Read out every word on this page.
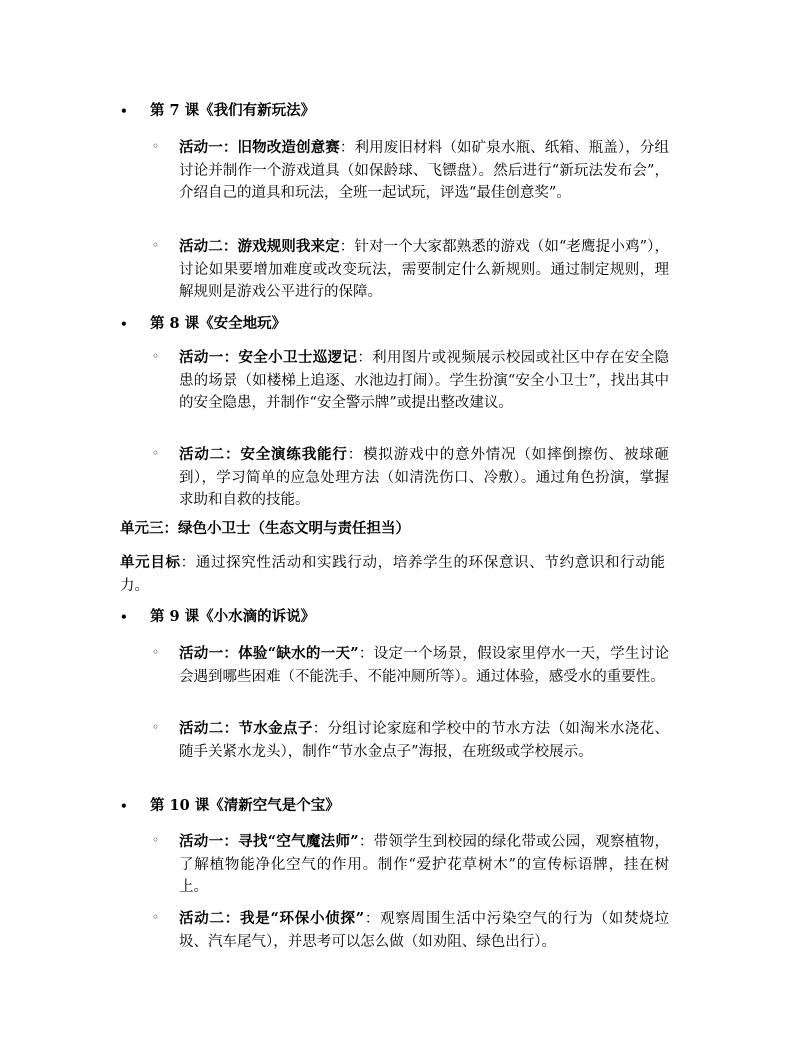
• 第 7 课《我们有新玩法》
◦ 活动一：旧物改造创意赛：利用废旧材料（如矿泉水瓶、纸箱、瓶盖），分组讨论并制作一个游戏道具（如保龄球、飞镖盘）。然后进行“新玩法发布会”，介绍自己的道具和玩法，全班一起试玩，评选“最佳创意奖”。
◦ 活动二：游戏规则我来定：针对一个大家都熟悉的游戏（如“老鹰捉小鸡”），讨论如果要增加难度或改变玩法，需要制定什么新规则。通过制定规则，理解规则是游戏公平进行的保障。
• 第 8 课《安全地玩》
◦ 活动一：安全小卫士巡逻记：利用图片或视频展示校园或社区中存在安全隐患的场景（如楼梯上追逐、水池边打闹）。学生扮演“安全小卫士”，找出其中的安全隐患，并制作“安全警示牌”或提出整改建议。
◦ 活动二：安全演练我能行：模拟游戏中的意外情况（如摔倒擦伤、被球砸到），学习简单的应急处理方法（如清洗伤口、冷敷）。通过角色扮演，掌握求助和自救的技能。
单元三：绿色小卫士（生态文明与责任担当）
单元目标：通过探究性活动和实践行动，培养学生的环保意识、节约意识和行动能力。
• 第 9 课《小水滴的诉说》
◦ 活动一：体验“缺水的一天”：设定一个场景，假设家里停水一天，学生讨论会遇到哪些困难（不能洗手、不能冲厕所等）。通过体验，感受水的重要性。
◦ 活动二：节水金点子：分组讨论家庭和学校中的节水方法（如淘米水浇花、随手关紧水龙头），制作“节水金点子”海报，在班级或学校展示。
• 第 10 课《清新空气是个宝》
◦ 活动一：寻找“空气魔法师”：带领学生到校园的绿化带或公园，观察植物，了解植物能净化空气的作用。制作“爱护花草树木”的宣传标语牌，挂在树上。
◦ 活动二：我是“环保小侦探”：观察周围生活中污染空气的行为（如焚烧垃圾、汽车尾气），并思考可以怎么做（如劝阻、绿色出行）。
